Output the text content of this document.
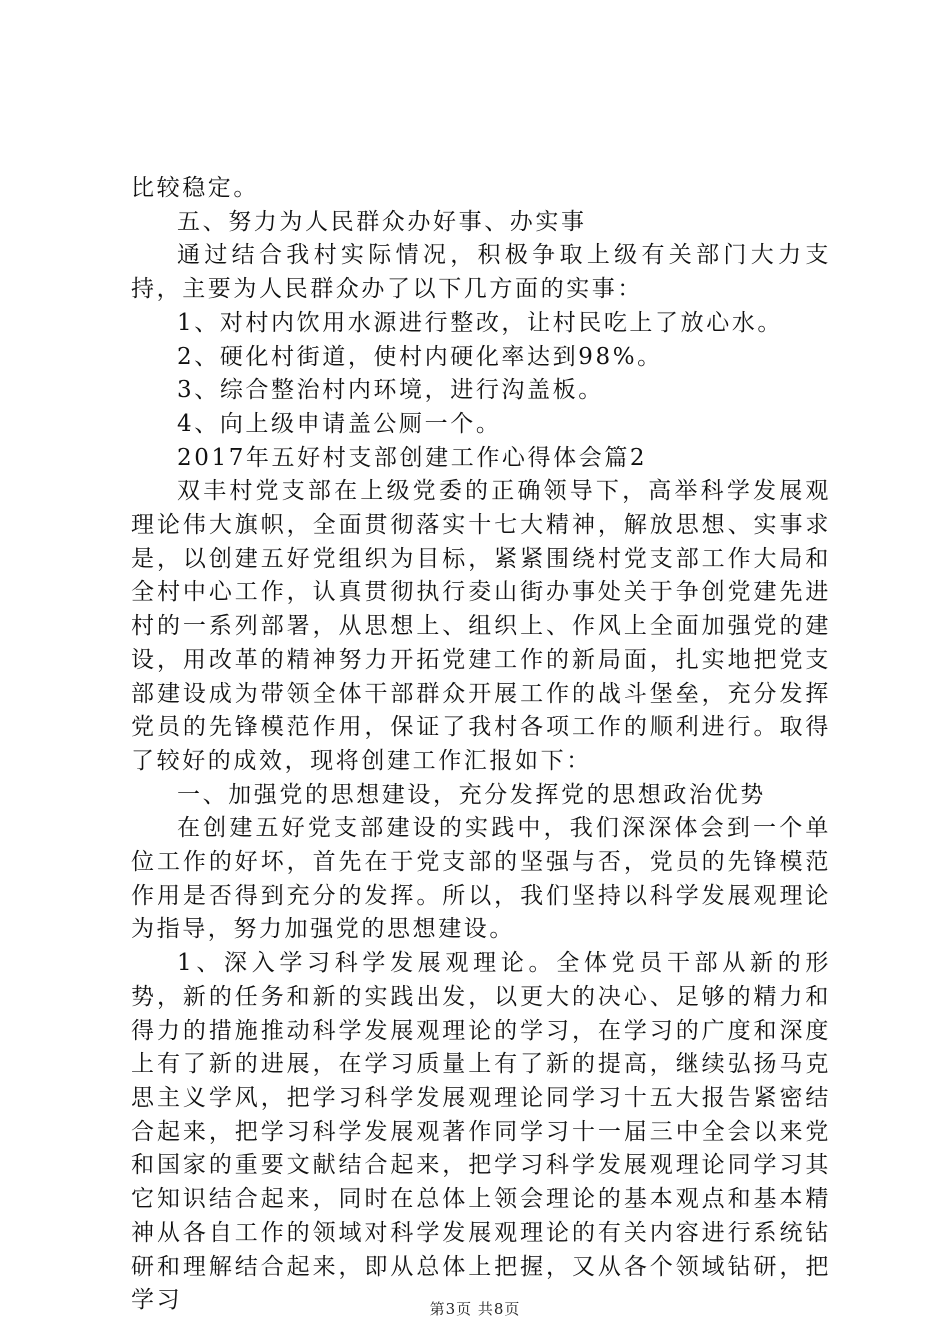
比较稳定。

五、努力为人民群众办好事、办实事

通过结合我村实际情况，积极争取上级有关部门大力支持，主要为人民群众办了以下几方面的实事：

1、对村内饮用水源进行整改，让村民吃上了放心水。

2、硬化村街道，使村内硬化率达到98%。

3、综合整治村内环境，进行沟盖板。

4、向上级申请盖公厕一个。

2017年五好村支部创建工作心得体会篇2

双丰村党支部在上级党委的正确领导下，高举科学发展观理论伟大旗帜，全面贯彻落实十七大精神，解放思想、实事求是，以创建五好党组织为目标，紧紧围绕村党支部工作大局和全村中心工作，认真贯彻执行夌山街办事处关于争创党建先进村的一系列部署，从思想上、组织上、作风上全面加强党的建设，用改革的精神努力开拓党建工作的新局面，扎实地把党支部建设成为带领全体干部群众开展工作的战斗堡垒，充分发挥党员的先锋模范作用，保证了我村各项工作的顺利进行。取得了较好的成效，现将创建工作汇报如下：

一、加强党的思想建设，充分发挥党的思想政治优势

在创建五好党支部建设的实践中，我们深深体会到一个单位工作的好坏，首先在于党支部的坚强与否，党员的先锋模范作用是否得到充分的发挥。所以，我们坚持以科学发展观理论为指导，努力加强党的思想建设。

1、深入学习科学发展观理论。全体党员干部从新的形势，新的任务和新的实践出发，以更大的决心、足够的精力和得力的措施推动科学发展观理论的学习，在学习的广度和深度上有了新的进展，在学习质量上有了新的提高，继续弘扬马克思主义学风，把学习科学发展观理论同学习十五大报告紧密结合起来，把学习科学发展观著作同学习十一届三中全会以来党和国家的重要文献结合起来，把学习科学发展观理论同学习其它知识结合起来，同时在总体上领会理论的基本观点和基本精神从各自工作的领域对科学发展观理论的有关内容进行系统钻研和理解结合起来，即从总体上把握，又从各个领域钻研，把学习	第3页 共8页
